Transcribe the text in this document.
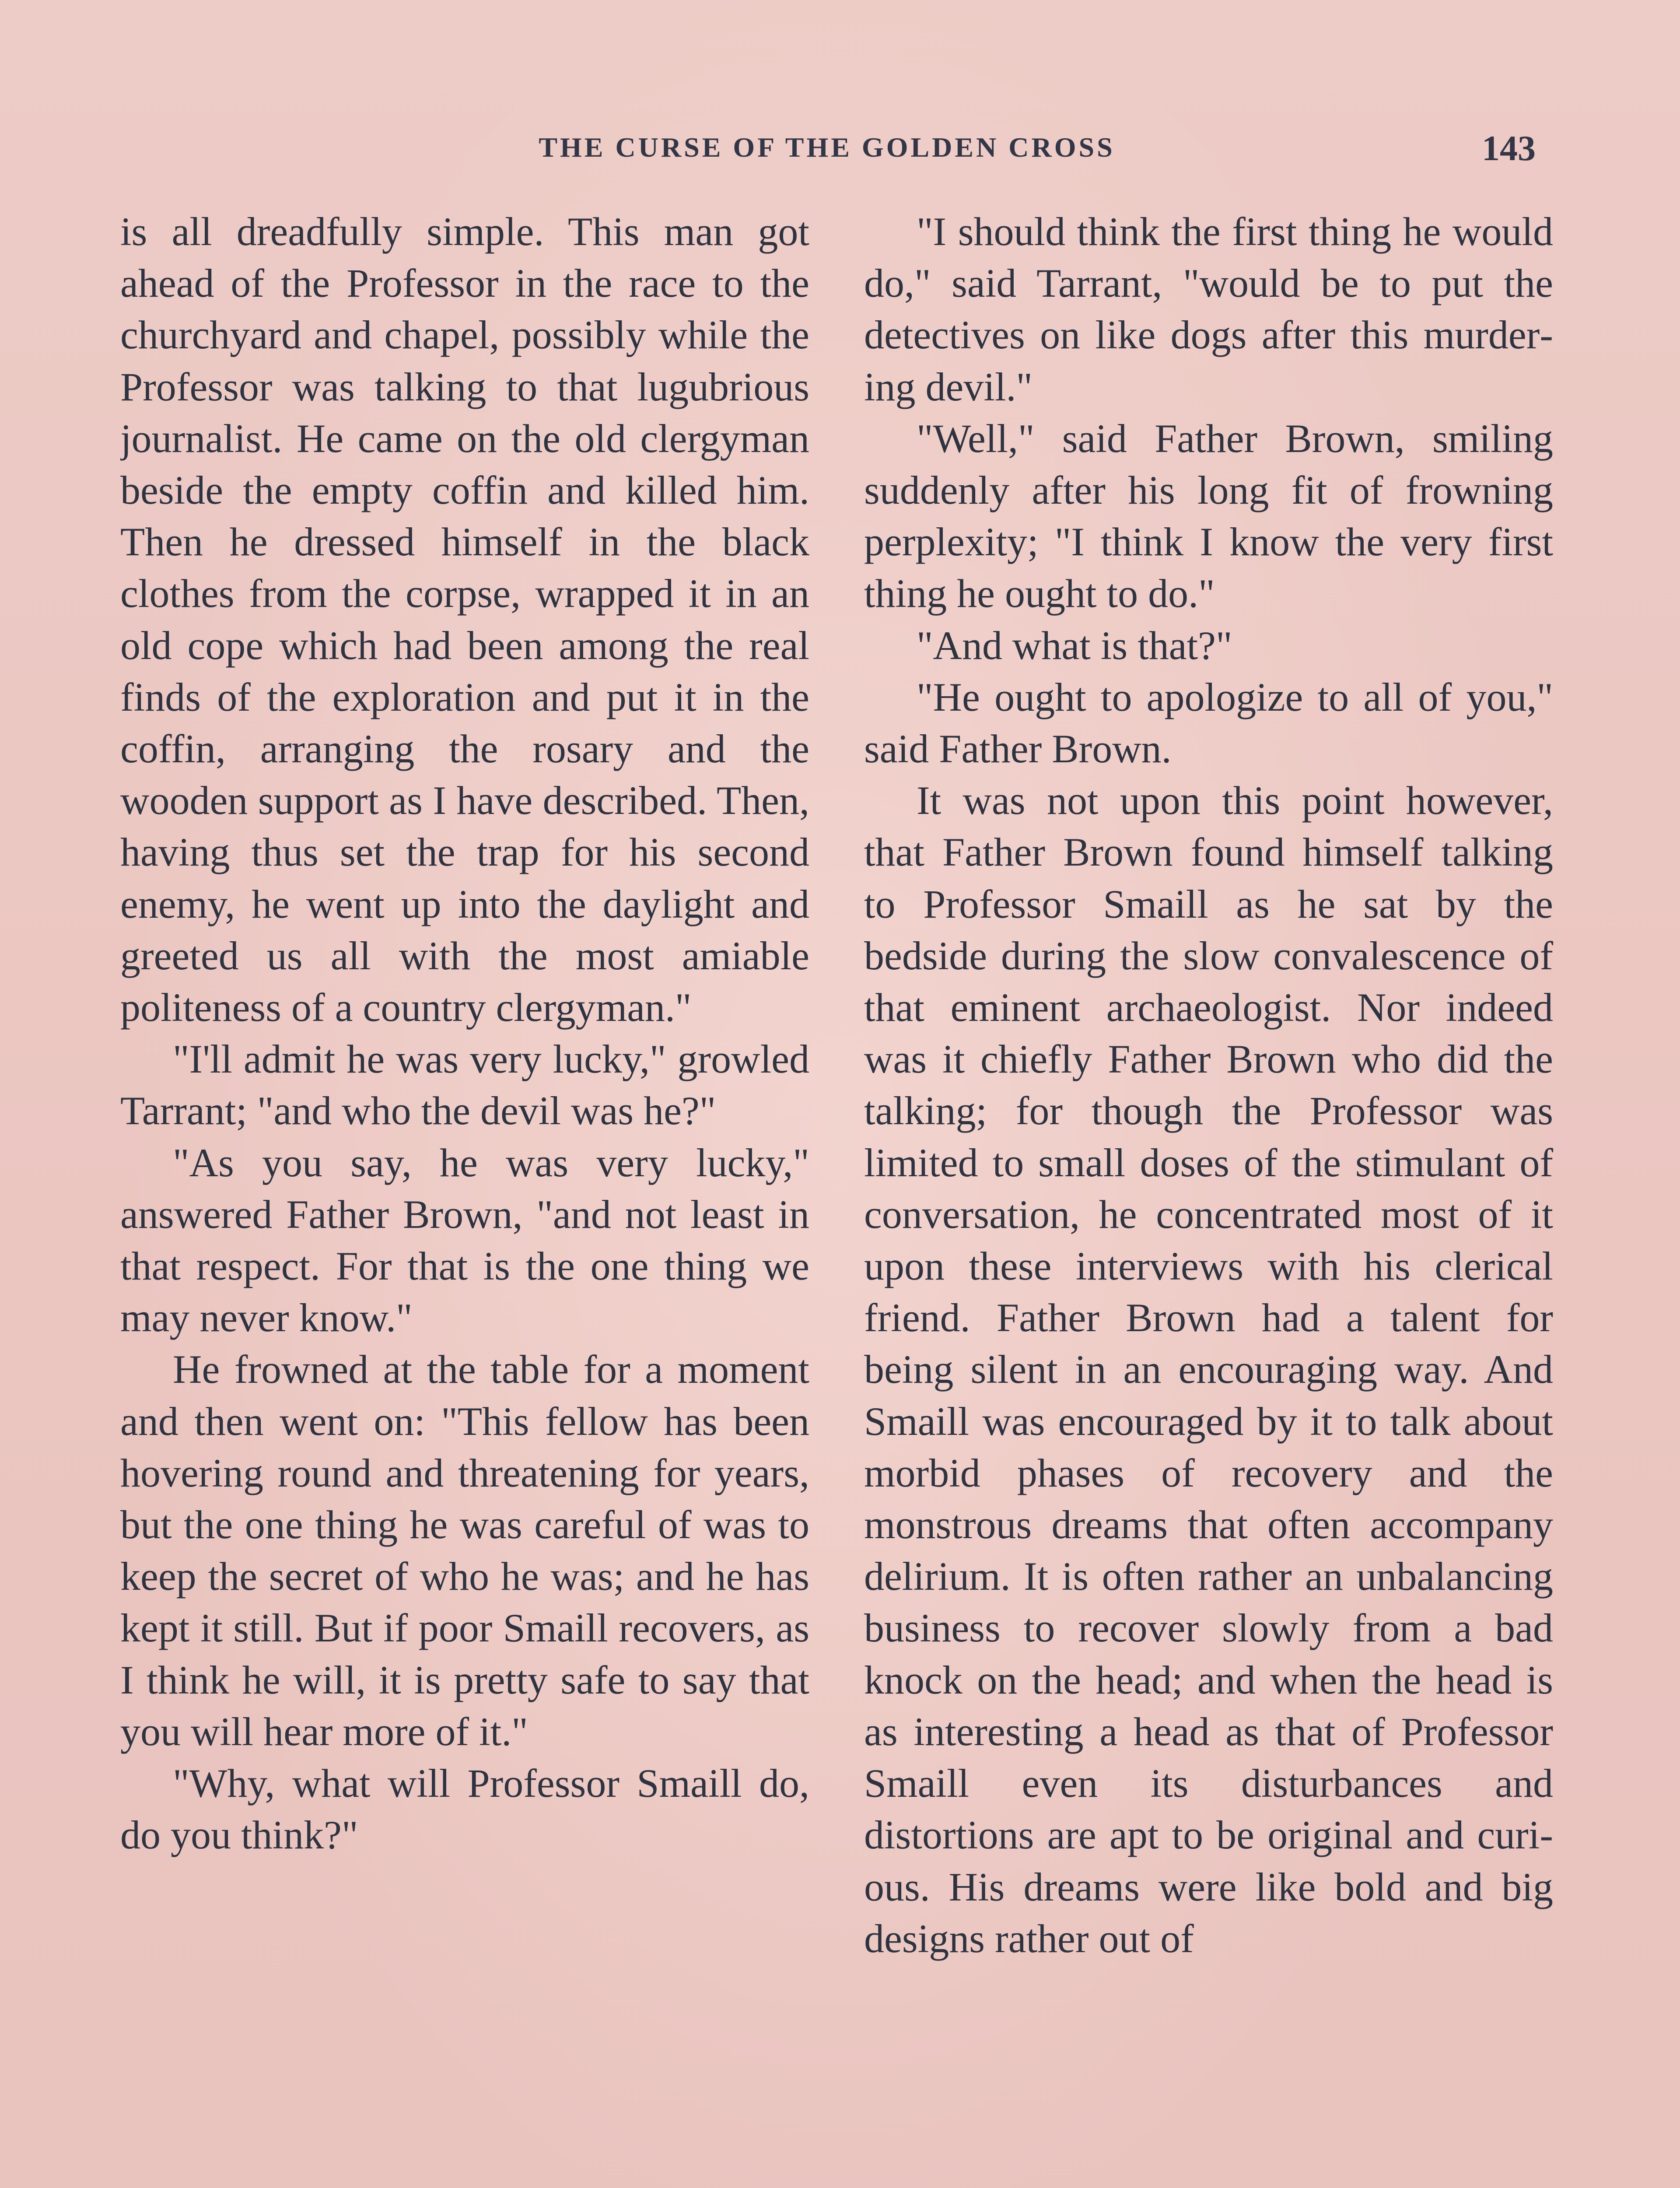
THE CURSE OF THE GOLDEN CROSS	143

is all dreadfully simple. This man got ahead of the Professor in the race to the churchyard and chapel, possibly while the Professor was talking to that lugubrious journalist. He came on the old clergyman beside the empty coffin and killed him. Then he dressed himself in the black clothes from the corpse, wrapped it in an old cope which had been among the real finds of the exploration and put it in the coffin, arranging the rosary and the wooden support as I have described. Then, having thus set the trap for his second enemy, he went up into the daylight and greeted us all with the most amiable politeness of a country clergyman."

"I'll admit he was very lucky," growled Tarrant; "and who the devil was he?"

"As you say, he was very lucky," answered Father Brown, "and not least in that respect. For that is the one thing we may never know."

He frowned at the table for a moment and then went on: "This fellow has been hovering round and threatening for years, but the one thing he was careful of was to keep the secret of who he was; and he has kept it still. But if poor Smaill recovers, as I think he will, it is pretty safe to say that you will hear more of it."

"Why, what will Professor Smaill do, do you think?"

"I should think the first thing he would do," said Tarrant, "would be to put the detectives on like dogs after this murdering devil."

"Well," said Father Brown, smiling suddenly after his long fit of frowning perplexity; "I think I know the very first thing he ought to do."

"And what is that?"

"He ought to apologize to all of you," said Father Brown.

It was not upon this point however, that Father Brown found himself talking to Professor Smaill as he sat by the bedside during the slow convalescence of that eminent archaeologist. Nor indeed was it chiefly Father Brown who did the talking; for though the Professor was limited to small doses of the stimulant of conversation, he concentrated most of it upon these interviews with his clerical friend. Father Brown had a talent for being silent in an encouraging way. And Smaill was encouraged by it to talk about morbid phases of recovery and the monstrous dreams that often accompany delirium. It is often rather an unbalancing business to recover slowly from a bad knock on the head; and when the head is as interesting a head as that of Professor Smaill even its disturbances and distortions are apt to be original and curious. His dreams were like bold and big designs rather out of
